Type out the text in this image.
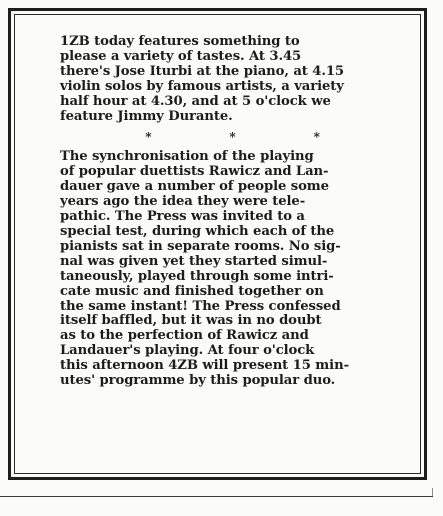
1ZB today features something to
please a variety of tastes. At 3.45
there's Jose Iturbi at the piano, at 4.15
violin solos by famous artists, a variety
half hour at 4.30, and at 5 o'clock we
feature Jimmy Durante.

*	*	*

The synchronisation of the playing
of popular duettists Rawicz and Lan-
dauer gave a number of people some
years ago the idea they were tele-
pathic. The Press was invited to a
special test, during which each of the
pianists sat in separate rooms. No sig-
nal was given yet they started simul-
taneously, played through some intri-
cate music and finished together on
the same instant! The Press confessed
itself baffled, but it was in no doubt
as to the perfection of Rawicz and
Landauer's playing. At four o'clock
this afternoon 4ZB will present 15 min-
utes' programme by this popular duo.
